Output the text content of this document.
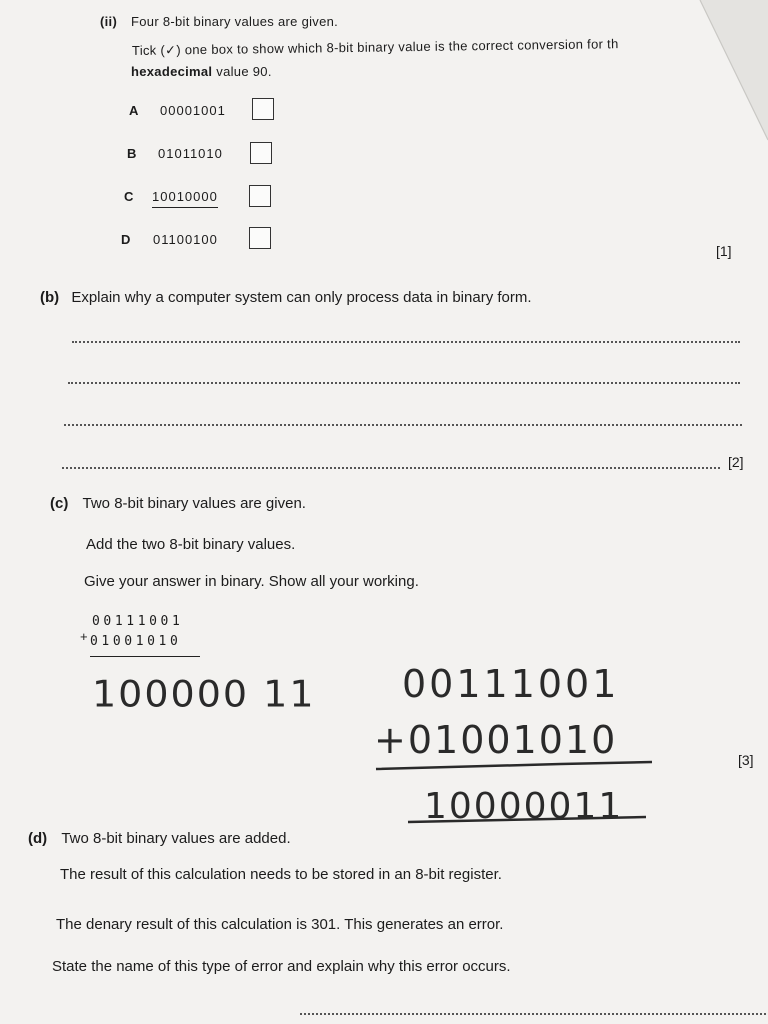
(ii) Four 8-bit binary values are given.
Tick (✓) one box to show which 8-bit binary value is the correct conversion for th
hexadecimal value 90.
A 00001001
B 01011010
C 10010000
D 01100100
[1]
(b) Explain why a computer system can only process data in binary form.
[2]
(c) Two 8-bit binary values are given.
Add the two 8-bit binary values.
Give your answer in binary. Show all your working.
00111001
+ 01001010
100000 11 00111001
+01001010
10000011
[3]
(d) Two 8-bit binary values are added.
The result of this calculation needs to be stored in an 8-bit register.
The denary result of this calculation is 301. This generates an error.
State the name of this type of error and explain why this error occurs.
